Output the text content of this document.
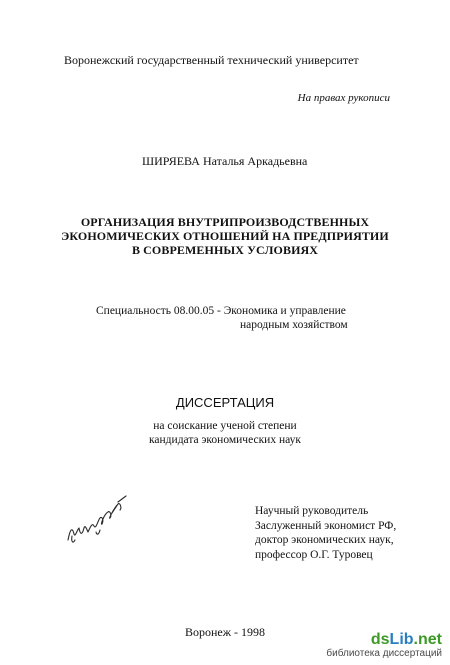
Воронежский государственный технический университет
На правах рукописи
ШИРЯЕВА Наталья Аркадьевна
ОРГАНИЗАЦИЯ ВНУТРИПРОИЗВОДСТВЕННЫХ
ЭКОНОМИЧЕСКИХ ОТНОШЕНИЙ НА ПРЕДПРИЯТИИ
В СОВРЕМЕННЫХ УСЛОВИЯХ
Специальность 08.00.05 - Экономика и управление
народным хозяйством
ДИССЕРТАЦИЯ
на соискание ученой степени
кандидата экономических наук
Научный руководитель
Заслуженный экономист РФ,
доктор экономических наук,
профессор О.Г. Туровец
Воронеж - 1998	dsLib.net
библиотека диссертаций
